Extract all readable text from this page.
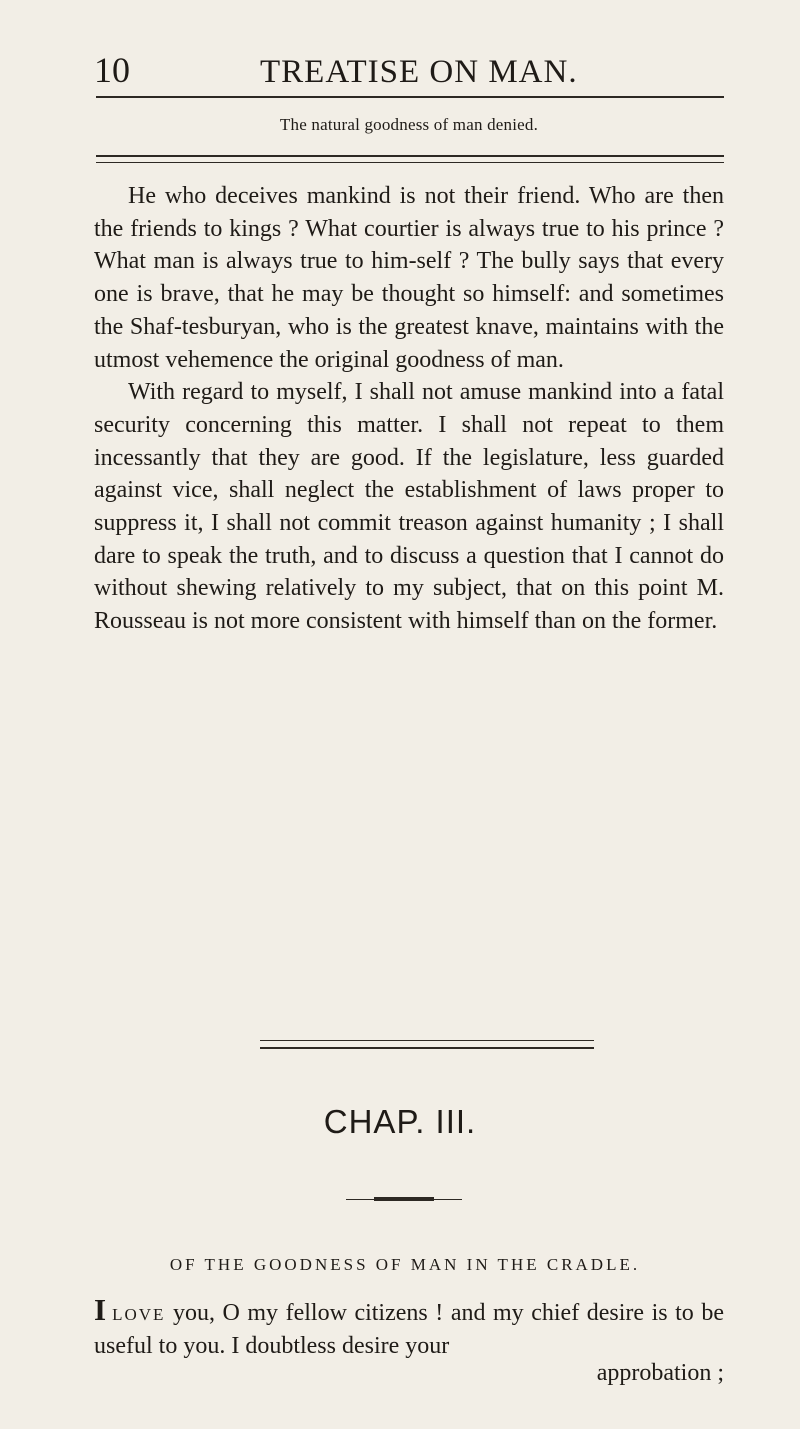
10	TREATISE ON MAN.
The natural goodness of man denied.

He who deceives mankind is not their friend. Who are then the friends to kings ? What courtier is always true to his prince ? What man is always true to him-self ? The bully says that every one is brave, that he may be thought so himself: and sometimes the Shaf-tesburyan, who is the greatest knave, maintains with the utmost vehemence the original goodness of man.

With regard to myself, I shall not amuse mankind into a fatal security concerning this matter. I shall not repeat to them incessantly that they are good. If the legislature, less guarded against vice, shall neglect the establishment of laws proper to suppress it, I shall not commit treason against humanity ; I shall dare to speak the truth, and to discuss a question that I cannot do without shewing relatively to my subject, that on this point M. Rousseau is not more consistent with himself than on the former.

CHAP. III.
OF THE GOODNESS OF MAN IN THE CRADLE.

I love you, O my fellow citizens ! and my chief desire is to be useful to you. I doubtless desire your

approbation ;
